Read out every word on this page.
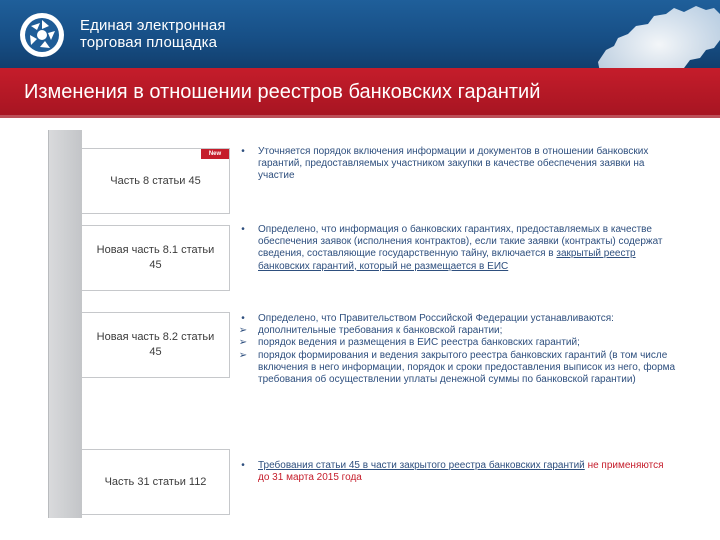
Единая электронная
торговая площадка
Изменения в отношении реестров банковских гарантий
New
Часть 8 статьи 45
Новая часть 8.1 статьи 45
Новая часть 8.2 статьи 45
Часть 31 статьи 112
•	Уточняется порядок включения информации и документов в отношении банковских гарантий, предоставляемых участником закупки в качестве обеспечения заявки на участие
•	Определено, что информация о банковских гарантиях, предоставляемых в качестве обеспечения заявок (исполнения контрактов), если такие заявки (контракты) содержат сведения, составляющие государственную тайну, включается в закрытый реестр банковских гарантий, который не размещается в ЕИС
•	Определено, что Правительством Российской Федерации устанавливаются:
➢ дополнительные требования к банковской гарантии;
➢ порядок ведения и размещения в ЕИС реестра банковских гарантий;
➢ порядок формирования и ведения закрытого реестра банковских гарантий (в том числе включения в него информации, порядок и сроки предоставления выписок из него, форма требования об осуществлении уплаты денежной суммы по банковской гарантии)
•	Требования статьи 45 в части закрытого реестра банковских гарантий не применяются до 31 марта 2015 года
